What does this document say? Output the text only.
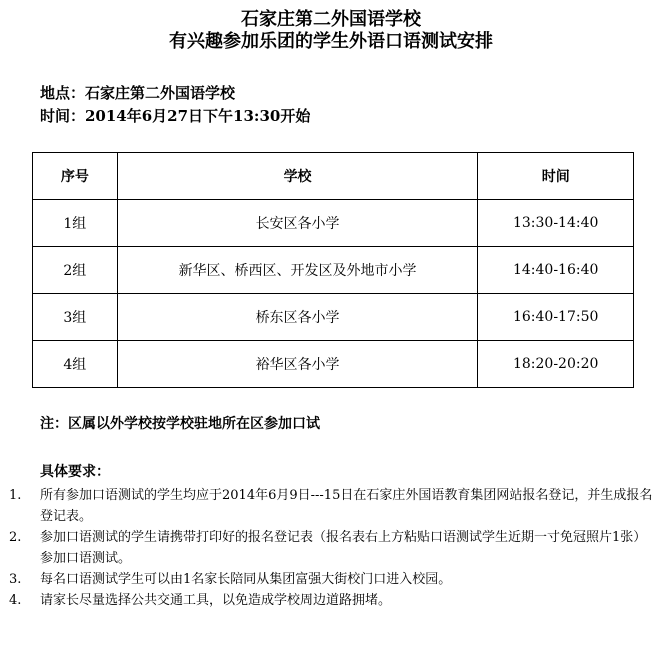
石家庄第二外国语学校
有兴趣参加乐团的学生外语口语测试安排
地点：石家庄第二外国语学校
时间：2014年6月27日下午13:30开始
序号	学校	时间
1组	长安区各小学	13:30-14:40
2组	新华区、桥西区、开发区及外地市小学	14:40-16:40
3组	桥东区各小学	16:40-17:50
4组	裕华区各小学	18:20-20:20
注：区属以外学校按学校驻地所在区参加口试
具体要求：
1. 所有参加口语测试的学生均应于2014年6月9日---15日在石家庄外国语教育集团网站报名登记，并生成报名登记表。
2. 参加口语测试的学生请携带打印好的报名登记表（报名表右上方粘贴口语测试学生近期一寸免冠照片1张）参加口语测试。
3. 每名口语测试学生可以由1名家长陪同从集团富强大街校门口进入校园。
4. 请家长尽量选择公共交通工具，以免造成学校周边道路拥堵。
